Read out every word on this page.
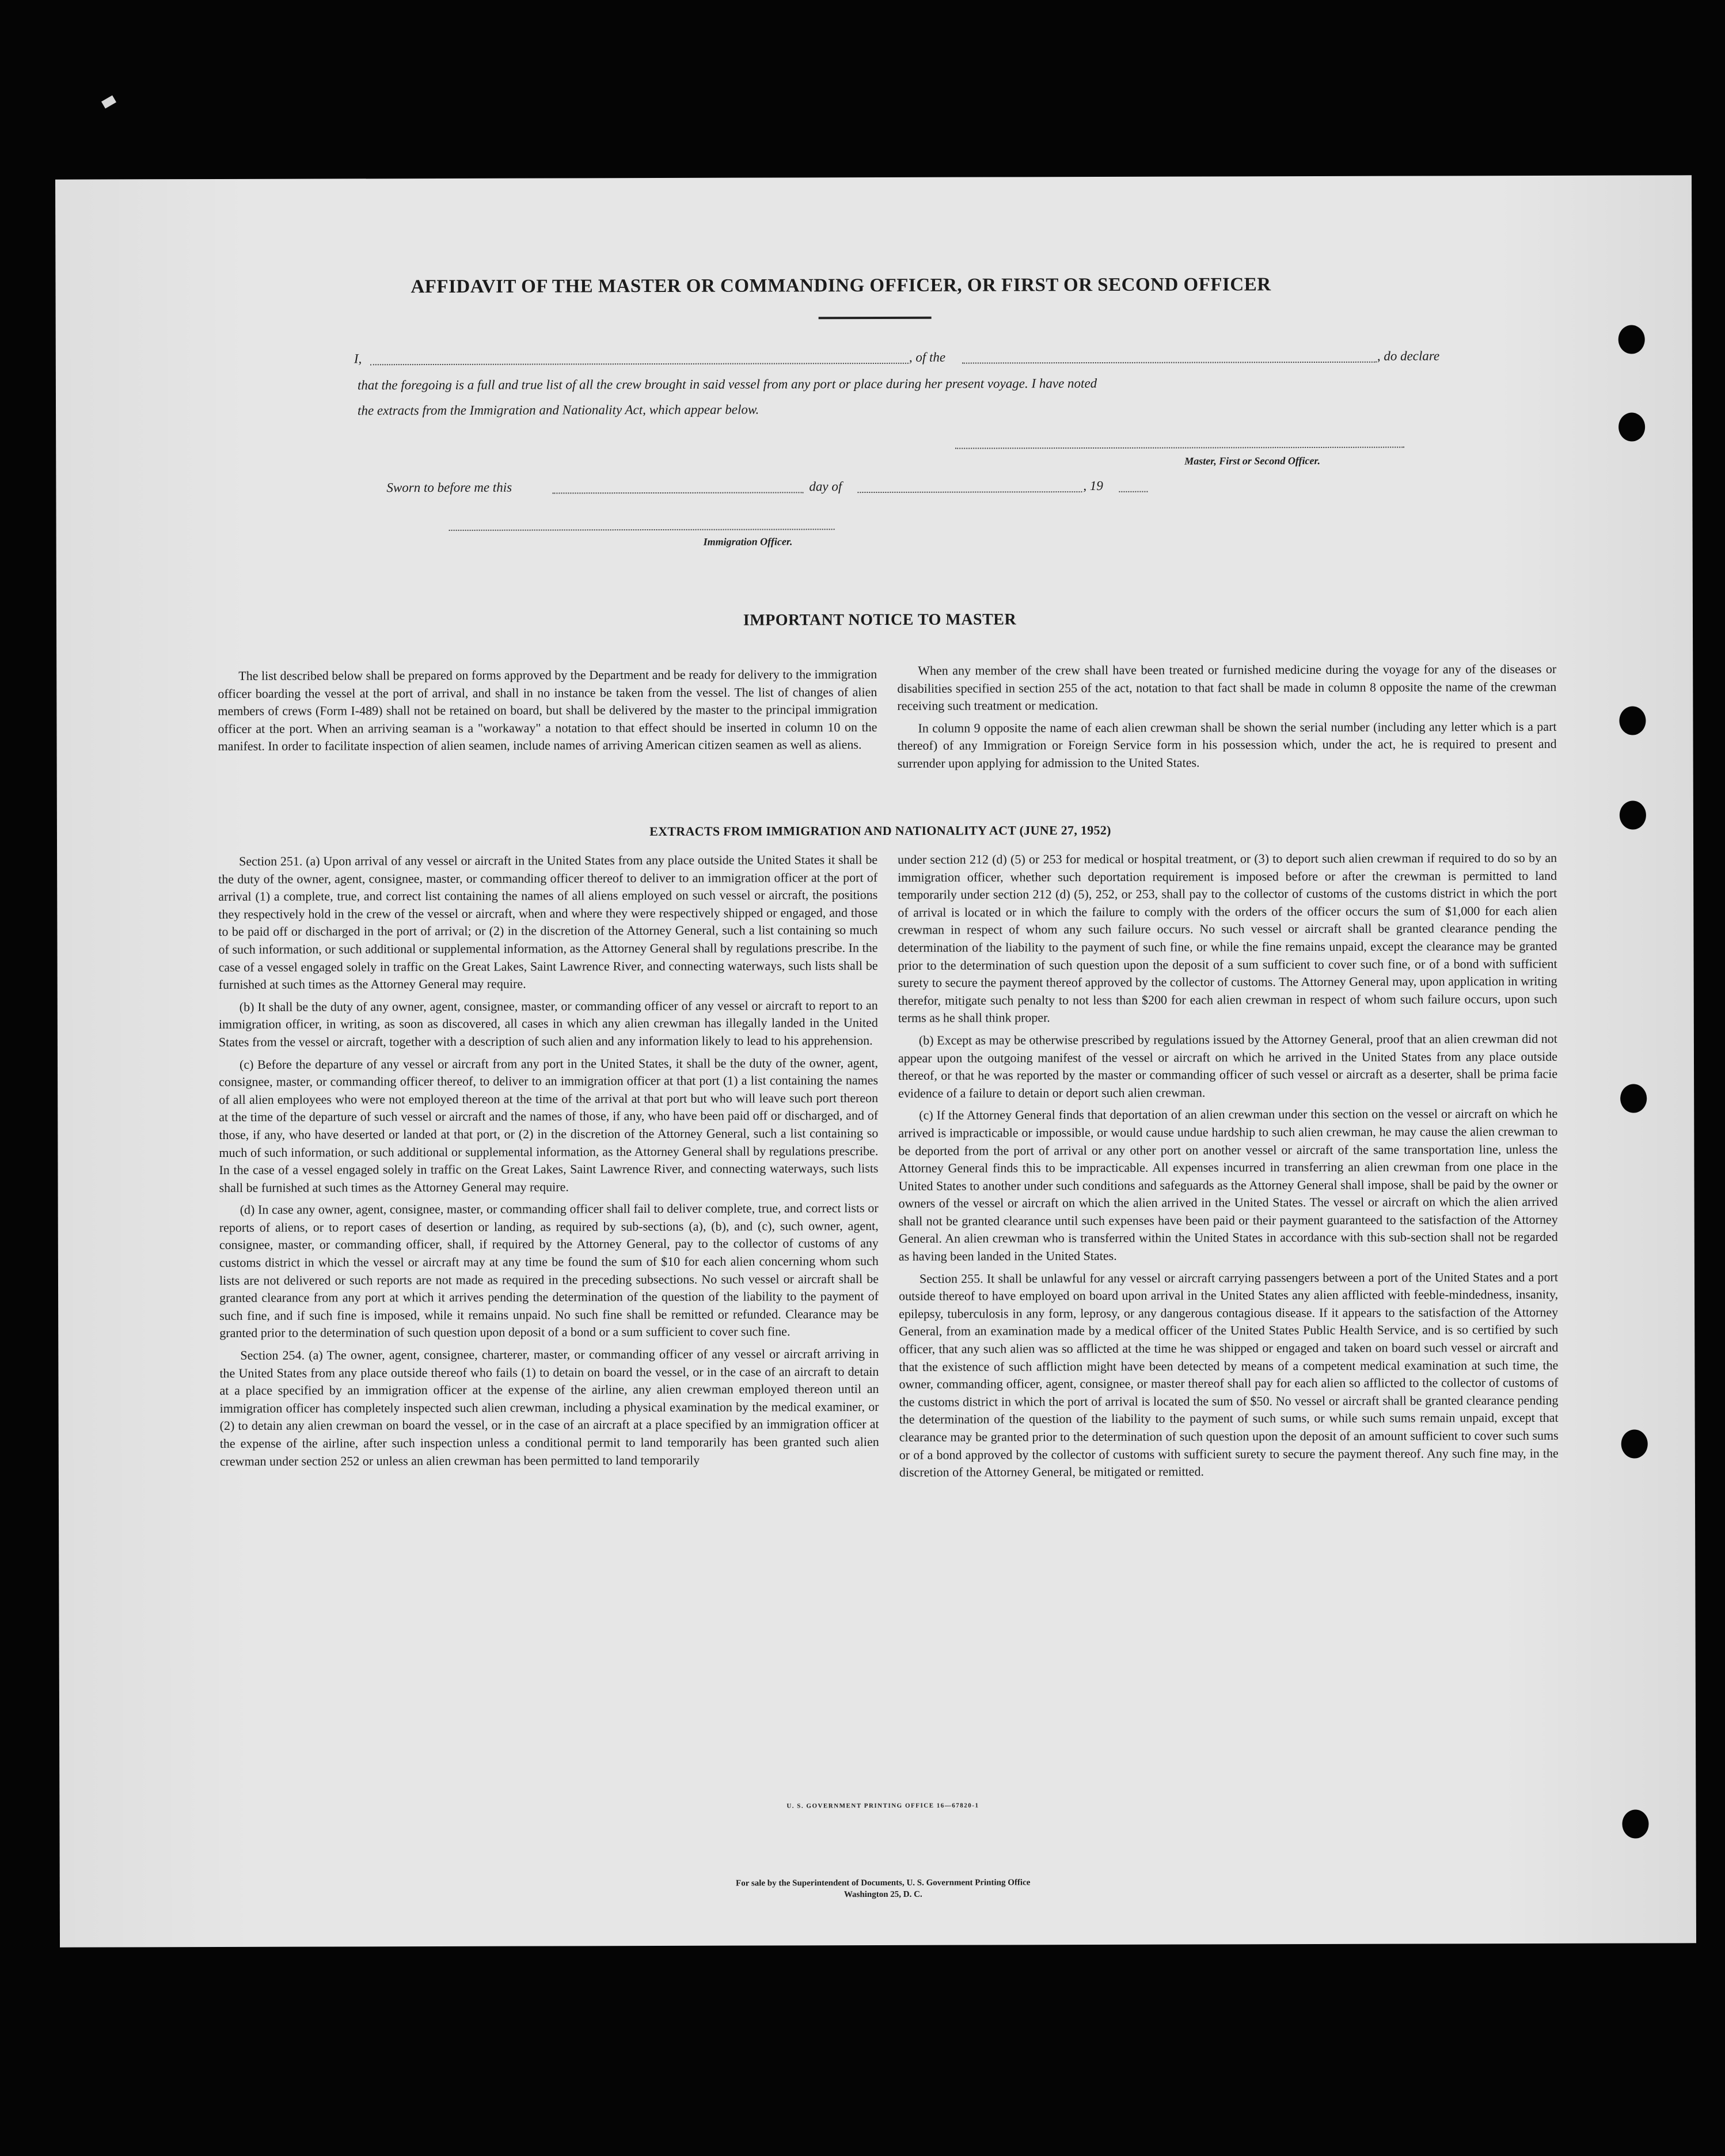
AFFIDAVIT OF THE MASTER OR COMMANDING OFFICER, OR FIRST OR SECOND OFFICER
I,	, of the	, do declare
that the foregoing is a full and true list of all the crew brought in said vessel from any port or place during her present voyage. I have noted
the extracts from the Immigration and Nationality Act, which appear below.
Master, First or Second Officer.
Sworn to before me this	day of	, 19
Immigration Officer.
IMPORTANT NOTICE TO MASTER

The list described below shall be prepared on forms approved by the Department and be ready for delivery to the immigration officer boarding the vessel at the port of arrival, and shall in no instance be taken from the vessel. The list of changes of alien members of crews (Form I-489) shall not be retained on board, but shall be delivered by the master to the principal immigration officer at the port. When an arriving seaman is a "workaway" a notation to that effect should be inserted in column 10 on the manifest. In order to facilitate inspection of alien seamen, include names of arriving American citizen seamen as well as aliens.

When any member of the crew shall have been treated or furnished medicine during the voyage for any of the diseases or disabilities specified in section 255 of the act, notation to that fact shall be made in column 8 opposite the name of the crewman receiving such treatment or medication.

In column 9 opposite the name of each alien crewman shall be shown the serial number (including any letter which is a part thereof) of any Immigration or Foreign Service form in his possession which, under the act, he is required to present and surrender upon applying for admission to the United States.

EXTRACTS FROM IMMIGRATION AND NATIONALITY ACT (JUNE 27, 1952)

Section 251. (a) Upon arrival of any vessel or aircraft in the United States from any place outside the United States it shall be the duty of the owner, agent, consignee, master, or commanding officer thereof to deliver to an immigration officer at the port of arrival (1) a complete, true, and correct list containing the names of all aliens employed on such vessel or aircraft, the positions they respectively hold in the crew of the vessel or aircraft, when and where they were respectively shipped or engaged, and those to be paid off or discharged in the port of arrival; or (2) in the discretion of the Attorney General, such a list containing so much of such information, or such additional or supplemental information, as the Attorney General shall by regulations prescribe. In the case of a vessel engaged solely in traffic on the Great Lakes, Saint Lawrence River, and connecting waterways, such lists shall be furnished at such times as the Attorney General may require.

(b) It shall be the duty of any owner, agent, consignee, master, or commanding officer of any vessel or aircraft to report to an immigration officer, in writing, as soon as discovered, all cases in which any alien crewman has illegally landed in the United States from the vessel or aircraft, together with a description of such alien and any information likely to lead to his apprehension.

(c) Before the departure of any vessel or aircraft from any port in the United States, it shall be the duty of the owner, agent, consignee, master, or commanding officer thereof, to deliver to an immigration officer at that port (1) a list containing the names of all alien employees who were not employed thereon at the time of the arrival at that port but who will leave such port thereon at the time of the departure of such vessel or aircraft and the names of those, if any, who have been paid off or discharged, and of those, if any, who have deserted or landed at that port, or (2) in the discretion of the Attorney General, such a list containing so much of such information, or such additional or supplemental information, as the Attorney General shall by regulations prescribe. In the case of a vessel engaged solely in traffic on the Great Lakes, Saint Lawrence River, and connecting waterways, such lists shall be furnished at such times as the Attorney General may require.

(d) In case any owner, agent, consignee, master, or commanding officer shall fail to deliver complete, true, and correct lists or reports of aliens, or to report cases of desertion or landing, as required by sub-sections (a), (b), and (c), such owner, agent, consignee, master, or commanding officer, shall, if required by the Attorney General, pay to the collector of customs of any customs district in which the vessel or aircraft may at any time be found the sum of $10 for each alien concerning whom such lists are not delivered or such reports are not made as required in the preceding subsections. No such vessel or aircraft shall be granted clearance from any port at which it arrives pending the determination of the question of the liability to the payment of such fine, and if such fine is imposed, while it remains unpaid. No such fine shall be remitted or refunded. Clearance may be granted prior to the determination of such question upon deposit of a bond or a sum sufficient to cover such fine.

Section 254. (a) The owner, agent, consignee, charterer, master, or commanding officer of any vessel or aircraft arriving in the United States from any place outside thereof who fails (1) to detain on board the vessel, or in the case of an aircraft to detain at a place specified by an immigration officer at the expense of the airline, any alien crewman employed thereon until an immigration officer has completely inspected such alien crewman, including a physical examination by the medical examiner, or (2) to detain any alien crewman on board the vessel, or in the case of an aircraft at a place specified by an immigration officer at the expense of the airline, after such inspection unless a conditional permit to land temporarily has been granted such alien crewman under section 252 or unless an alien crewman has been permitted to land temporarily

under section 212 (d) (5) or 253 for medical or hospital treatment, or (3) to deport such alien crewman if required to do so by an immigration officer, whether such deportation requirement is imposed before or after the crewman is permitted to land temporarily under section 212 (d) (5), 252, or 253, shall pay to the collector of customs of the customs district in which the port of arrival is located or in which the failure to comply with the orders of the officer occurs the sum of $1,000 for each alien crewman in respect of whom any such failure occurs. No such vessel or aircraft shall be granted clearance pending the determination of the liability to the payment of such fine, or while the fine remains unpaid, except the clearance may be granted prior to the determination of such question upon the deposit of a sum sufficient to cover such fine, or of a bond with sufficient surety to secure the payment thereof approved by the collector of customs. The Attorney General may, upon application in writing therefor, mitigate such penalty to not less than $200 for each alien crewman in respect of whom such failure occurs, upon such terms as he shall think proper.

(b) Except as may be otherwise prescribed by regulations issued by the Attorney General, proof that an alien crewman did not appear upon the outgoing manifest of the vessel or aircraft on which he arrived in the United States from any place outside thereof, or that he was reported by the master or commanding officer of such vessel or aircraft as a deserter, shall be prima facie evidence of a failure to detain or deport such alien crewman.

(c) If the Attorney General finds that deportation of an alien crewman under this section on the vessel or aircraft on which he arrived is impracticable or impossible, or would cause undue hardship to such alien crewman, he may cause the alien crewman to be deported from the port of arrival or any other port on another vessel or aircraft of the same transportation line, unless the Attorney General finds this to be impracticable. All expenses incurred in transferring an alien crewman from one place in the United States to another under such conditions and safeguards as the Attorney General shall impose, shall be paid by the owner or owners of the vessel or aircraft on which the alien arrived in the United States. The vessel or aircraft on which the alien arrived shall not be granted clearance until such expenses have been paid or their payment guaranteed to the satisfaction of the Attorney General. An alien crewman who is transferred within the United States in accordance with this sub-section shall not be regarded as having been landed in the United States.

Section 255. It shall be unlawful for any vessel or aircraft carrying passengers between a port of the United States and a port outside thereof to have employed on board upon arrival in the United States any alien afflicted with feeble-mindedness, insanity, epilepsy, tuberculosis in any form, leprosy, or any dangerous contagious disease. If it appears to the satisfaction of the Attorney General, from an examination made by a medical officer of the United States Public Health Service, and is so certified by such officer, that any such alien was so afflicted at the time he was shipped or engaged and taken on board such vessel or aircraft and that the existence of such affliction might have been detected by means of a competent medical examination at such time, the owner, commanding officer, agent, consignee, or master thereof shall pay for each alien so afflicted to the collector of customs of the customs district in which the port of arrival is located the sum of $50. No vessel or aircraft shall be granted clearance pending the determination of the question of the liability to the payment of such sums, or while such sums remain unpaid, except that clearance may be granted prior to the determination of such question upon the deposit of an amount sufficient to cover such sums or of a bond approved by the collector of customs with sufficient surety to secure the payment thereof. Any such fine may, in the discretion of the Attorney General, be mitigated or remitted.

U. S. GOVERNMENT PRINTING OFFICE 16—67820-1
For sale by the Superintendent of Documents, U. S. Government Printing Office
Washington 25, D. C.
